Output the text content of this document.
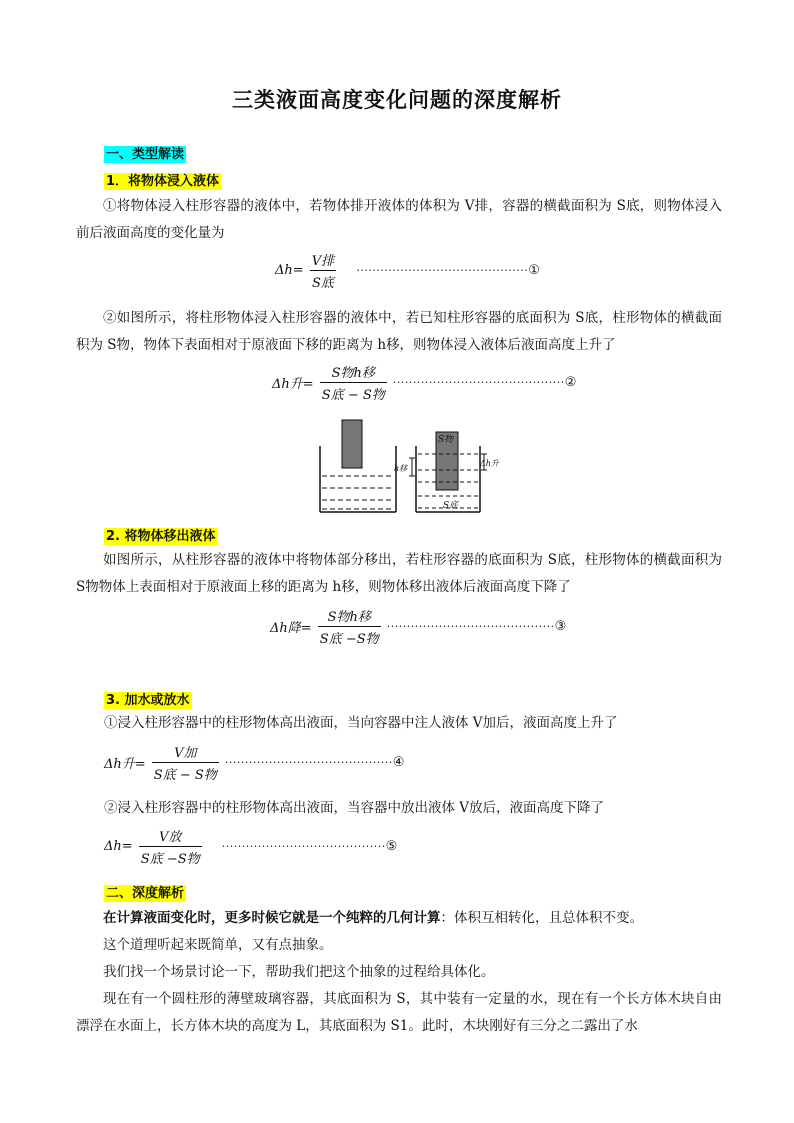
三类液面高度变化问题的深度解析
一、类型解读
1．将物体浸入液体
①将物体浸入柱形容器的液体中，若物体排开液体的体积为 V排，容器的横截面积为 S底，则物体浸入前后液面高度的变化量为
$\Delta h= \frac{\text{V排}}{\text{S底}}$ ···········································①
②如图所示，将柱形物体浸入柱形容器的液体中，若已知柱形容器的底面积为 S底，柱形物体的横截面积为 S物，物体下表面相对于原液面下移的距离为 h移，则物体浸入液体后液面高度上升了
Δh升= $\frac{\text{S物h移}}{\text{S底 − S物}}$ ···········································②
S物
h移
Δh升
S底
2. 将物体移出液体
如图所示，从柱形容器的液体中将物体部分移出，若柱形容器的底面积为 S底，柱形物体的横截面积为 S物物体上表面相对于原液面上移的距离为 h移，则物体移出液体后液面高度下降了
Δh降= $\frac{\text{S物h移}}{\text{S底 −S物}}$ ··········································③
3. 加水或放水
①浸入柱形容器中的柱形物体高出液面，当向容器中注人液体 V加后，液面高度上升了
Δh升= $\frac{\text{V加}}{\text{S底 − S物}}$ ··········································④
②浸入柱形容器中的柱形物体高出液面，当容器中放出液体 V放后，液面高度下降了
$\Delta h= \frac{\text{V放}}{\text{S底 −S物}}$ ·········································⑤
二、深度解析
在计算液面变化时，更多时候它就是一个纯粹的几何计算：体积互相转化，且总体积不变。
这个道理听起来既简单，又有点抽象。
我们找一个场景讨论一下，帮助我们把这个抽象的过程给具体化。
现在有一个圆柱形的薄壁玻璃容器，其底面积为 S，其中装有一定量的水，现在有一个长方体木块自由漂浮在水面上，长方体木块的高度为 L，其底面积为 S1。此时，木块刚好有三分之二露出了水
